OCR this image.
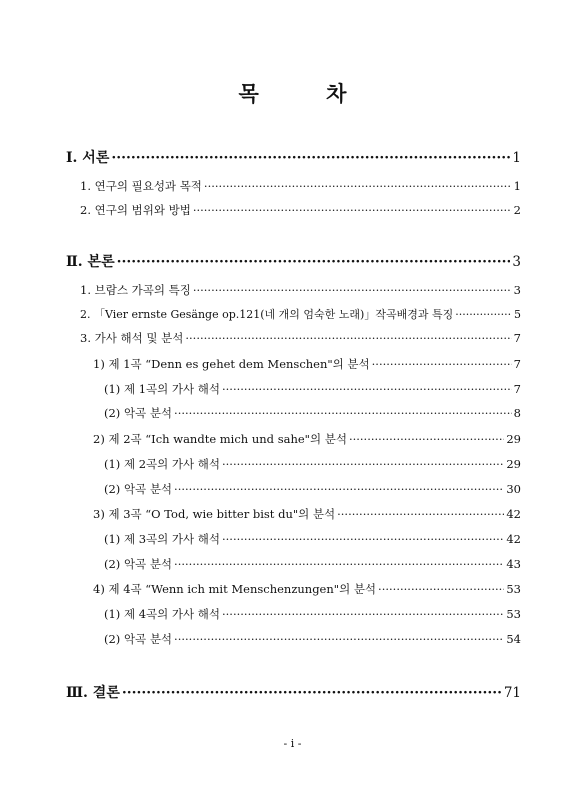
목 차
Ⅰ. 서론 ·····	1
1. 연구의 필요성과 목적 ·····	1
2. 연구의 범위와 방법 ·····	2
Ⅱ. 본론 ·····	3
1. 브람스 가곡의 특징 ·····	3
2. 「Vier ernste Gesänge op.121(네 개의 엄숙한 노래)」작곡배경과 특징 ·····	5
3. 가사 해석 및 분석 ·····	7
1) 제 1곡 “Denn es gehet dem Menschen"의 분석 ·····	7
(1) 제 1곡의 가사 해석 ·····	7
(2) 악곡 분석 ·····	8
2) 제 2곡 “Ich wandte mich und sahe"의 분석 ·····	29
(1) 제 2곡의 가사 해석 ·····	29
(2) 악곡 분석 ·····	30
3) 제 3곡 “O Tod, wie bitter bist du"의 분석 ·····	42
(1) 제 3곡의 가사 해석 ·····	42
(2) 악곡 분석 ·····	43
4) 제 4곡 “Wenn ich mit Menschenzungen"의 분석 ·····	53
(1) 제 4곡의 가사 해석 ·····	53
(2) 악곡 분석 ·····	54
Ⅲ. 결론 ·····	71
- i -
